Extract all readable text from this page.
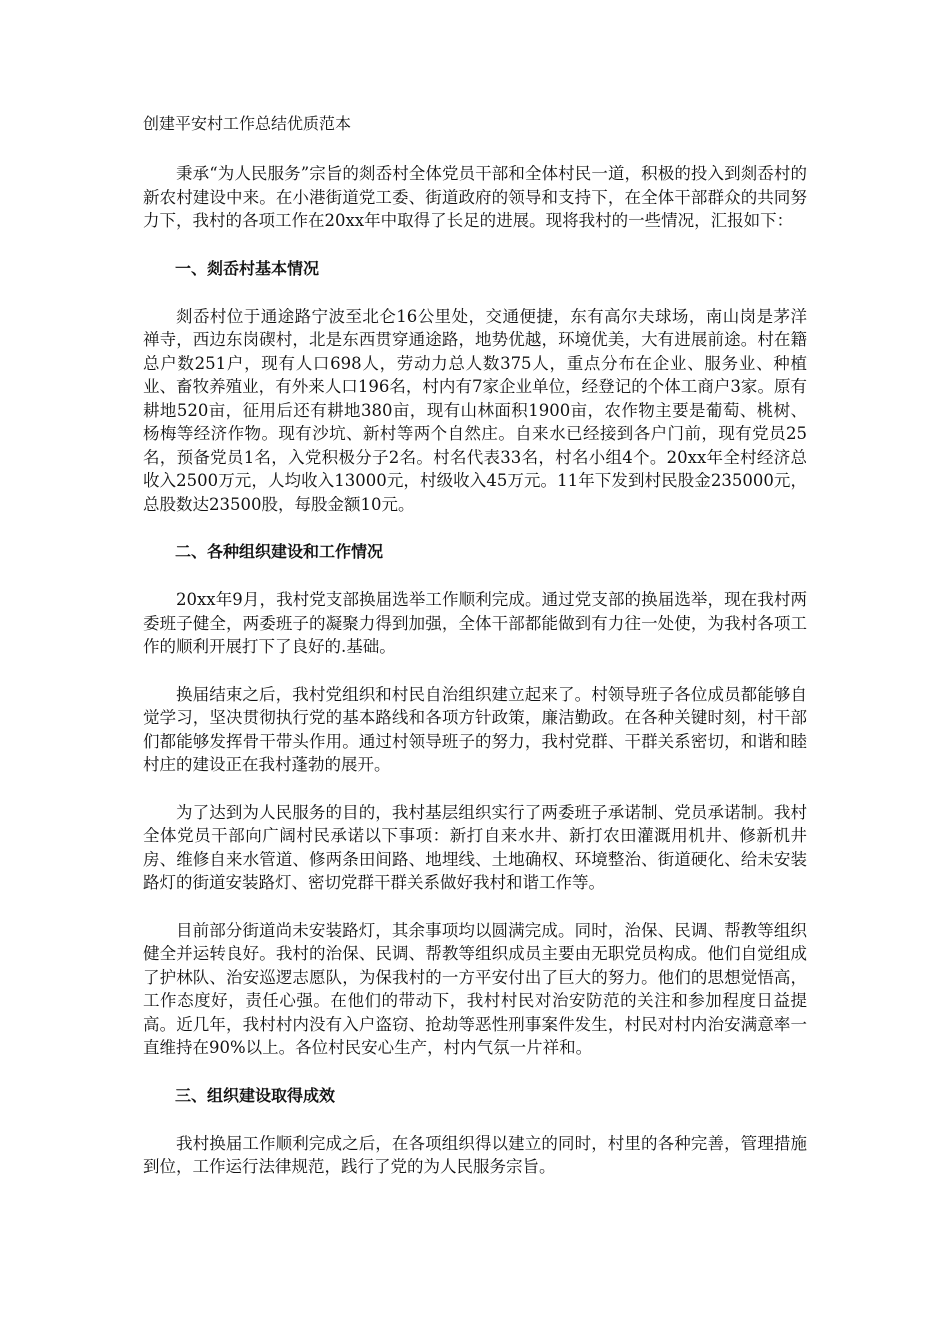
创建平安村工作总结优质范本

秉承“为人民服务”宗旨的剡岙村全体党员干部和全体村民一道，积极的投入到剡岙村的新农村建设中来。在小港街道党工委、街道政府的领导和支持下，在全体干部群众的共同努力下，我村的各项工作在20xx年中取得了长足的进展。现将我村的一些情况，汇报如下：

一、剡岙村基本情况

剡岙村位于通途路宁波至北仑16公里处，交通便捷，东有高尔夫球场，南山岗是茅洋禅寺，西边东岗碶村，北是东西贯穿通途路，地势优越，环境优美，大有进展前途。村在籍总户数251户，现有人口698人，劳动力总人数375人，重点分布在企业、服务业、种植业、畜牧养殖业，有外来人口196名，村内有7家企业单位，经登记的个体工商户3家。原有耕地520亩，征用后还有耕地380亩，现有山林面积1900亩，农作物主要是葡萄、桃树、杨梅等经济作物。现有沙坑、新村等两个自然庄。自来水已经接到各户门前，现有党员25名，预备党员1名，入党积极分子2名。村名代表33名，村名小组4个。20xx年全村经济总收入2500万元，人均收入13000元，村级收入45万元。11年下发到村民股金235000元，总股数达23500股，每股金额10元。

二、各种组织建设和工作情况

20xx年9月，我村党支部换届选举工作顺利完成。通过党支部的换届选举，现在我村两委班子健全，两委班子的凝聚力得到加强，全体干部都能做到有力往一处使，为我村各项工作的顺利开展打下了良好的.基础。

换届结束之后，我村党组织和村民自治组织建立起来了。村领导班子各位成员都能够自觉学习，坚决贯彻执行党的基本路线和各项方针政策，廉洁勤政。在各种关键时刻，村干部们都能够发挥骨干带头作用。通过村领导班子的努力，我村党群、干群关系密切，和谐和睦村庄的建设正在我村蓬勃的展开。

为了达到为人民服务的目的，我村基层组织实行了两委班子承诺制、党员承诺制。我村全体党员干部向广阔村民承诺以下事项：新打自来水井、新打农田灌溉用机井、修新机井房、维修自来水管道、修两条田间路、地埋线、土地确权、环境整治、街道硬化、给未安装路灯的街道安装路灯、密切党群干群关系做好我村和谐工作等。

目前部分街道尚未安装路灯，其余事项均以圆满完成。同时，治保、民调、帮教等组织健全并运转良好。我村的治保、民调、帮教等组织成员主要由无职党员构成。他们自觉组成了护林队、治安巡逻志愿队，为保我村的一方平安付出了巨大的努力。他们的思想觉悟高，工作态度好，责任心强。在他们的带动下，我村村民对治安防范的关注和参加程度日益提高。近几年，我村村内没有入户盗窃、抢劫等恶性刑事案件发生，村民对村内治安满意率一直维持在90%以上。各位村民安心生产，村内气氛一片祥和。

三、组织建设取得成效

我村换届工作顺利完成之后，在各项组织得以建立的同时，村里的各种完善，管理措施到位，工作运行法律规范，践行了党的为人民服务宗旨。
